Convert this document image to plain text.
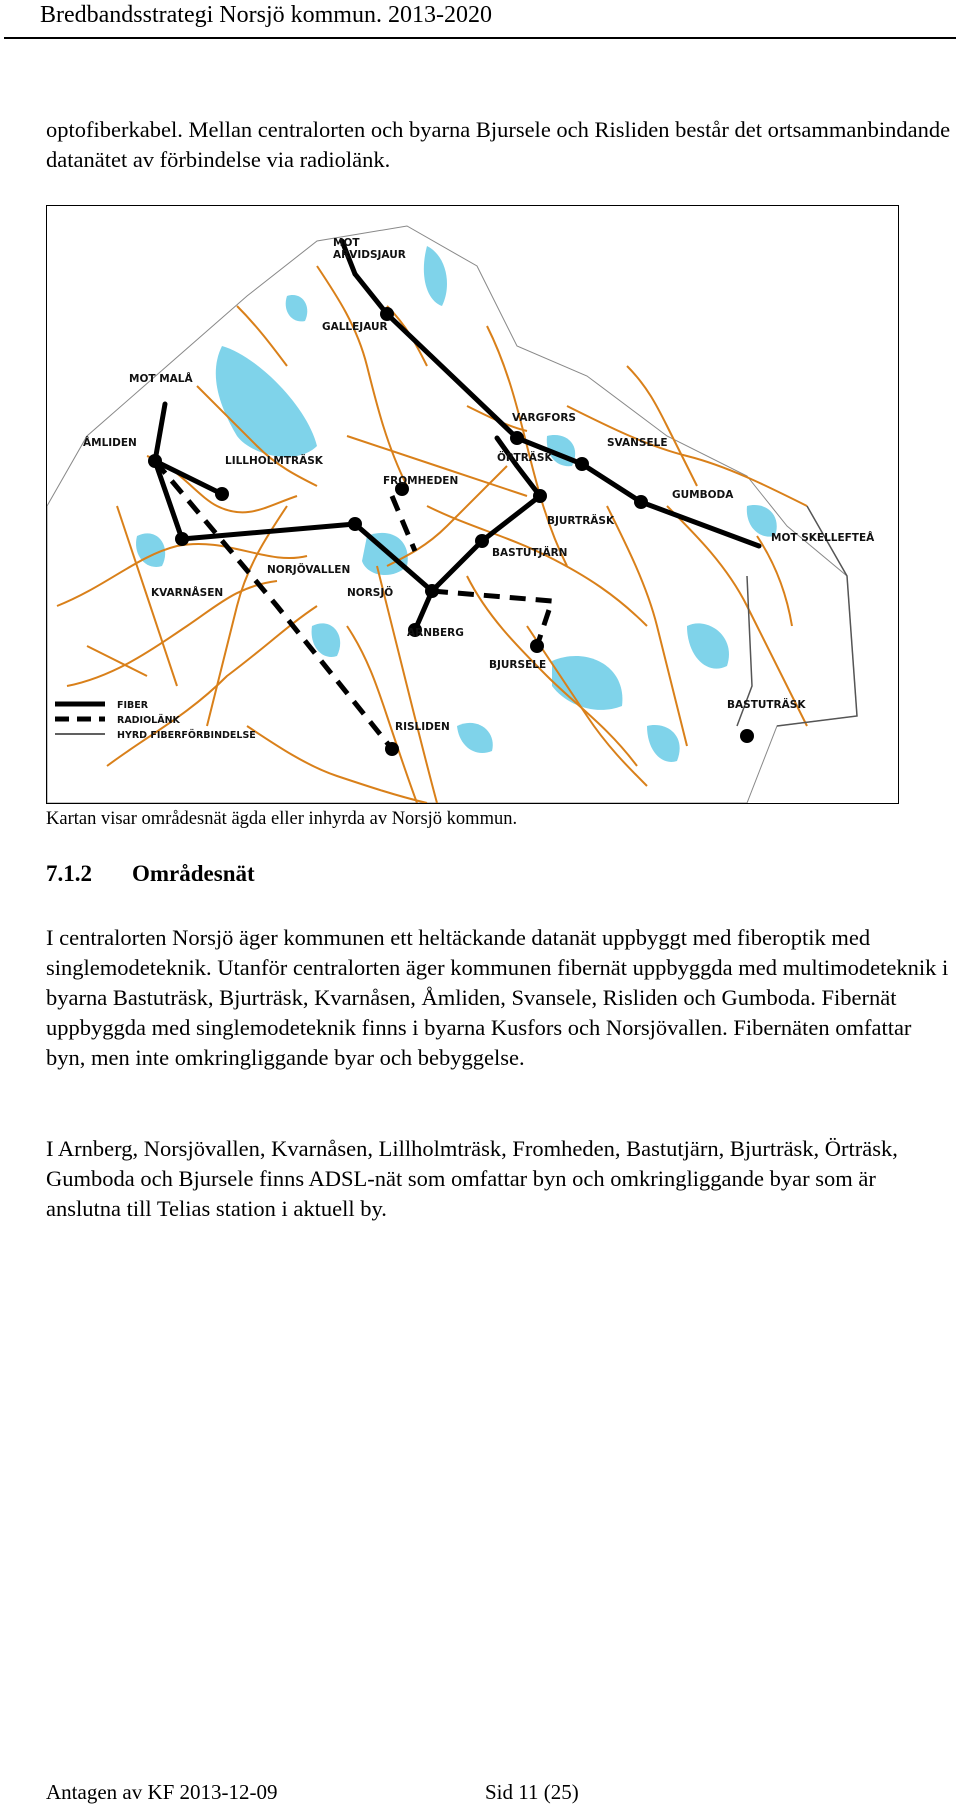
Bredbandsstrategi Norsjö kommun. 2013-2020

optofiberkabel. Mellan centralorten och byarna Bjursele och Risliden består det ortsammanbindande datanätet av förbindelse via radiolänk.

MOT
ARVIDSJAUR
GALLEJAUR
MOT MALÅ
ÅMLIDEN
LILLHOLMTRÄSK
FROMHEDEN
VARGFORS
ÖRTRÄSK
SVANSELE
GUMBODA
MOT SKELLEFTEÅ
BJURTRÄSK
BASTUTJÄRN
NORJÖVALLEN
KVARNÅSEN	NORSJÖ
ARNBERG
BJURSELE
BASTUTRÄSK
RISLIDEN
FIBER
RADIOLÄNK
HYRD FIBERFÖRBINDELSE
Kartan visar områdesnät ägda eller inhyrda av Norsjö kommun.
7.1.2 Områdesnät

I centralorten Norsjö äger kommunen ett heltäckande datanät uppbyggt med fiberoptik med singlemodeteknik. Utanför centralorten äger kommunen fibernät uppbyggda med multimodeteknik i byarna Bastuträsk, Bjurträsk, Kvarnåsen, Åmliden, Svansele, Risliden och Gumboda. Fibernät uppbyggda med singlemodeteknik finns i byarna Kusfors och Norsjövallen. Fibernäten omfattar byn, men inte omkringliggande byar och bebyggelse.

I Arnberg, Norsjövallen, Kvarnåsen, Lillholmträsk, Fromheden, Bastutjärn, Bjurträsk, Örträsk, Gumboda och Bjursele finns ADSL-nät som omfattar byn och omkringliggande byar som är anslutna till Telias station i aktuell by.

Antagen av KF 2013-12-09	Sid 11 (25)
